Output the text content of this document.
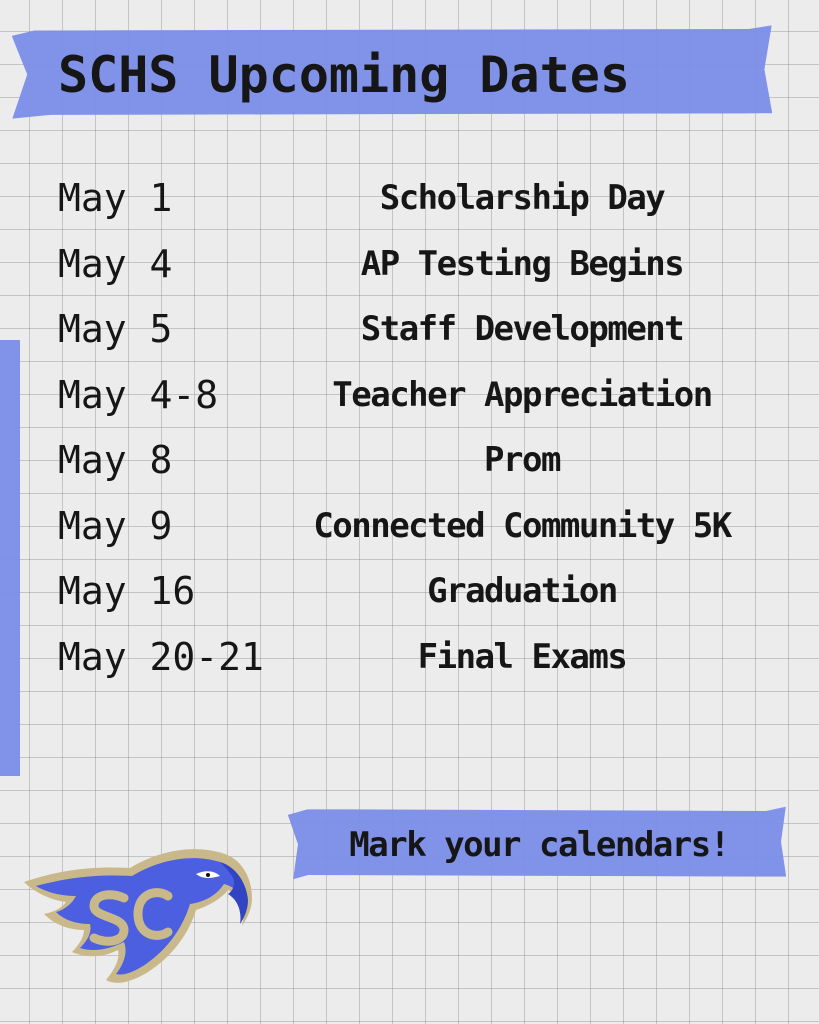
SCHS Upcoming Dates
May 1	Scholarship Day
May 4	AP Testing Begins
May 5	Staff Development
May 4-8	Teacher Appreciation
May 8	Prom
May 9	Connected Community 5K
May 16	Graduation
May 20-21	Final Exams
Mark your calendars!
